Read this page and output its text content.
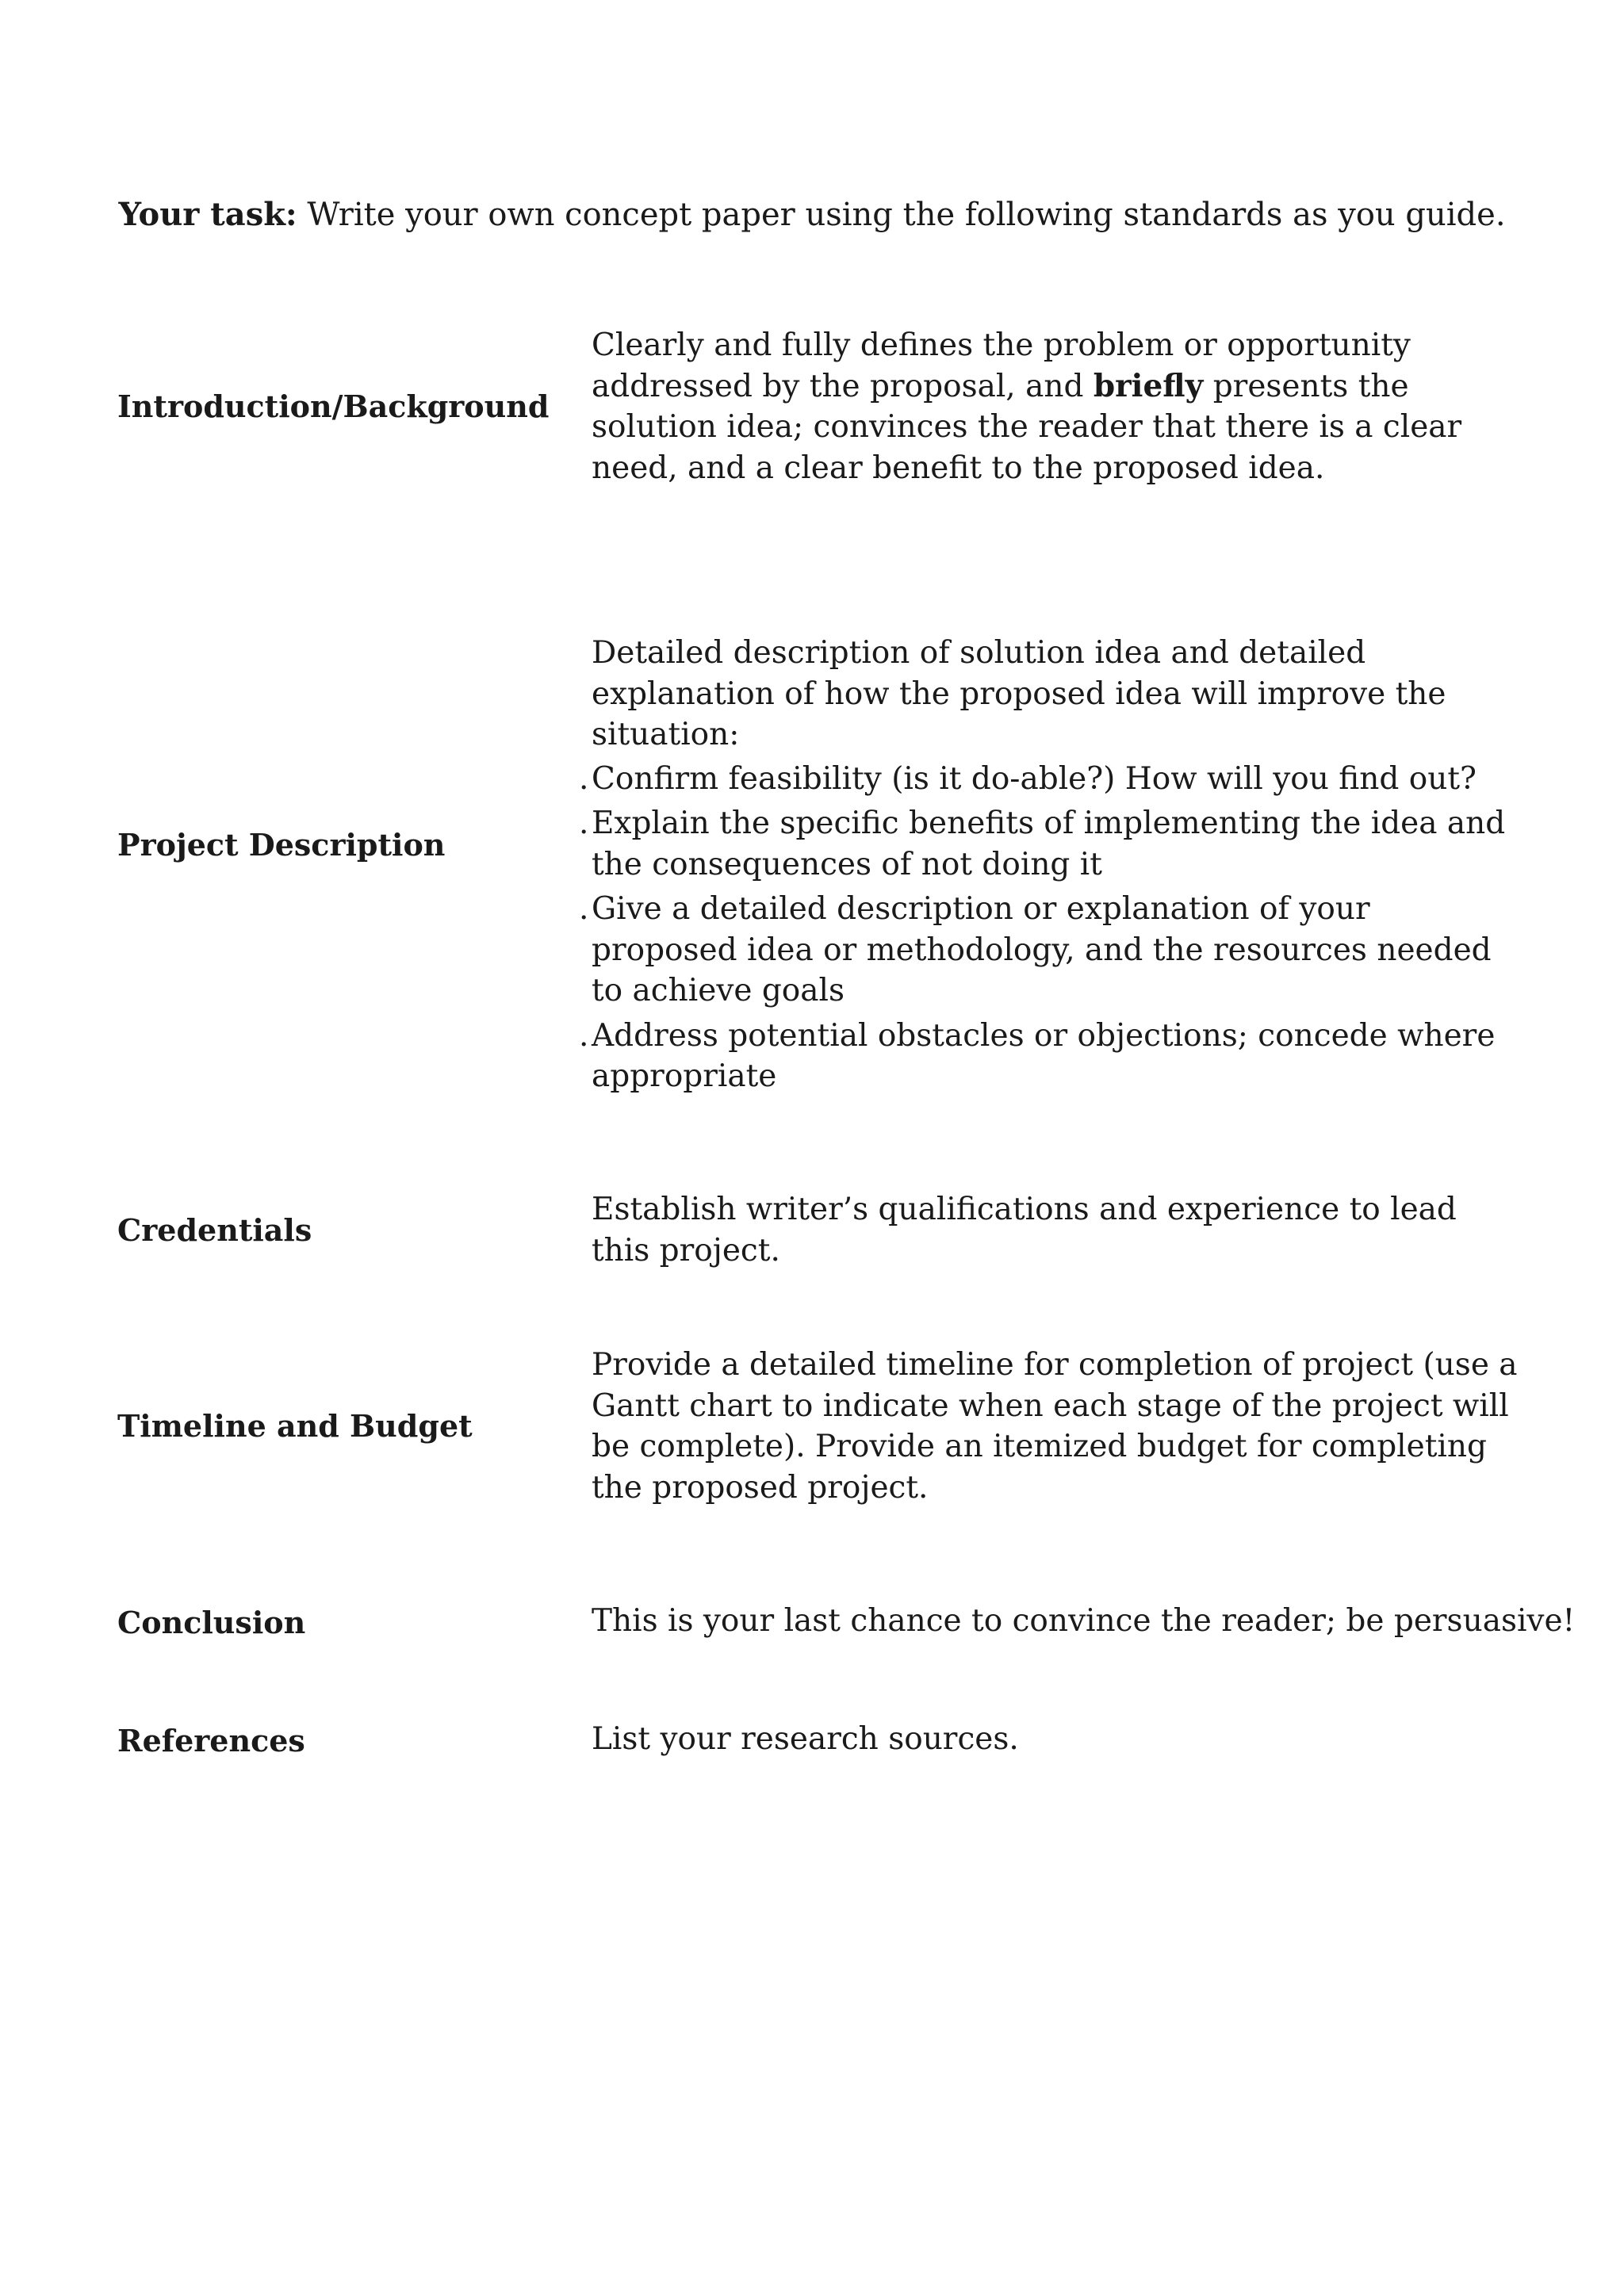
Your task: Write your own concept paper using the following standards as you guide.
Introduction/Background

Clearly and fully defines the problem or opportunity addressed by the proposal, and briefly presents the solution idea; convinces the reader that there is a clear need, and a clear benefit to the proposed idea.

Project Description

Detailed description of solution idea and detailed explanation of how the proposed idea will improve the situation:

. Confirm feasibility (is it do-able?) How will you find out?
. Explain the specific benefits of implementing the idea and the consequences of not doing it
. Give a detailed description or explanation of your proposed idea or methodology, and the resources needed to achieve goals
. Address potential obstacles or objections; concede where appropriate
Credentials
Establish writer’s qualifications and experience to lead this project.
Timeline and Budget
Provide a detailed timeline for completion of project (use a Gantt chart to indicate when each stage of the project will be complete). Provide an itemized budget for completing the proposed project.
Conclusion	This is your last chance to convince the reader; be persuasive!
References	List your research sources.
